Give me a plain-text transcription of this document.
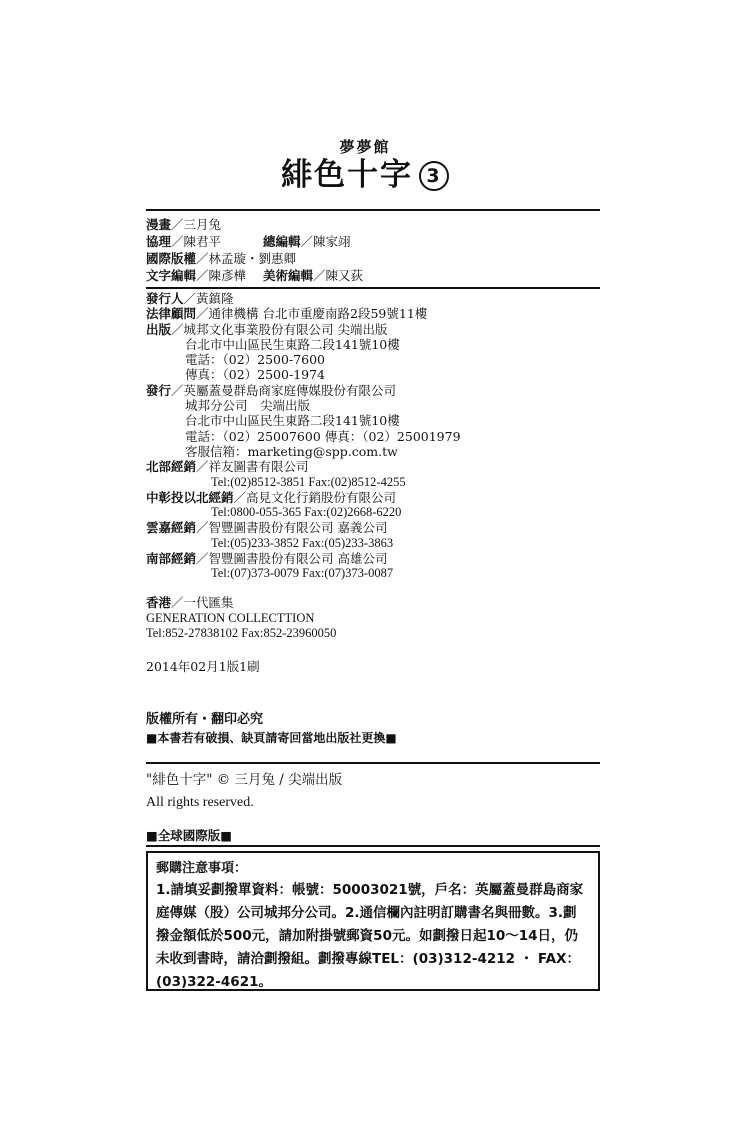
夢夢館
緋色十字 3
漫畫／三月兔
協理／陳君平	總編輯／陳家翊
國際版權／林孟璇・劉惠卿
文字編輯／陳彥樺 美術編輯／陳又荻
發行人／黃鎮隆
法律顧問／通律機構 台北市重慶南路2段59號11樓
出版／城邦文化事業股份有限公司 尖端出版
台北市中山區民生東路二段141號10樓
電話：（02）2500-7600
傳真：（02）2500-1974
發行／英屬蓋曼群島商家庭傳媒股份有限公司
城邦分公司　尖端出版
台北市中山區民生東路二段141號10樓
電話：（02）25007600 傳真：（02）25001979
客服信箱：marketing@spp.com.tw
北部經銷／祥友圖書有限公司
Tel:(02)8512-3851 Fax:(02)8512-4255
中彰投以北經銷／高見文化行銷股份有限公司
Tel:0800-055-365 Fax:(02)2668-6220
雲嘉經銷／智豐圖書股份有限公司 嘉義公司
Tel:(05)233-3852 Fax:(05)233-3863
南部經銷／智豐圖書股份有限公司 高雄公司
Tel:(07)373-0079 Fax:(07)373-0087
香港／一代匯集
GENERATION COLLECTTION
Tel:852-27838102 Fax:852-23960050
2014年02月1版1刷
版權所有・翻印必究
■本書若有破損、缺頁請寄回當地出版社更換■
"緋色十字" © 三月兔 / 尖端出版
All rights reserved.
■全球國際版■
郵購注意事項：
1.請填妥劃撥單資料：帳號：50003021號，戶名：英屬蓋曼群島商家庭傳媒（股）公司城邦分公司。2.通信欄內註明訂購書名與冊數。3.劃撥金額低於500元，請加附掛號郵資50元。如劃撥日起10～14日，仍未收到書時，請洽劃撥組。劃撥專線TEL：(03)312-4212 ・ FAX：(03)322-4621。
